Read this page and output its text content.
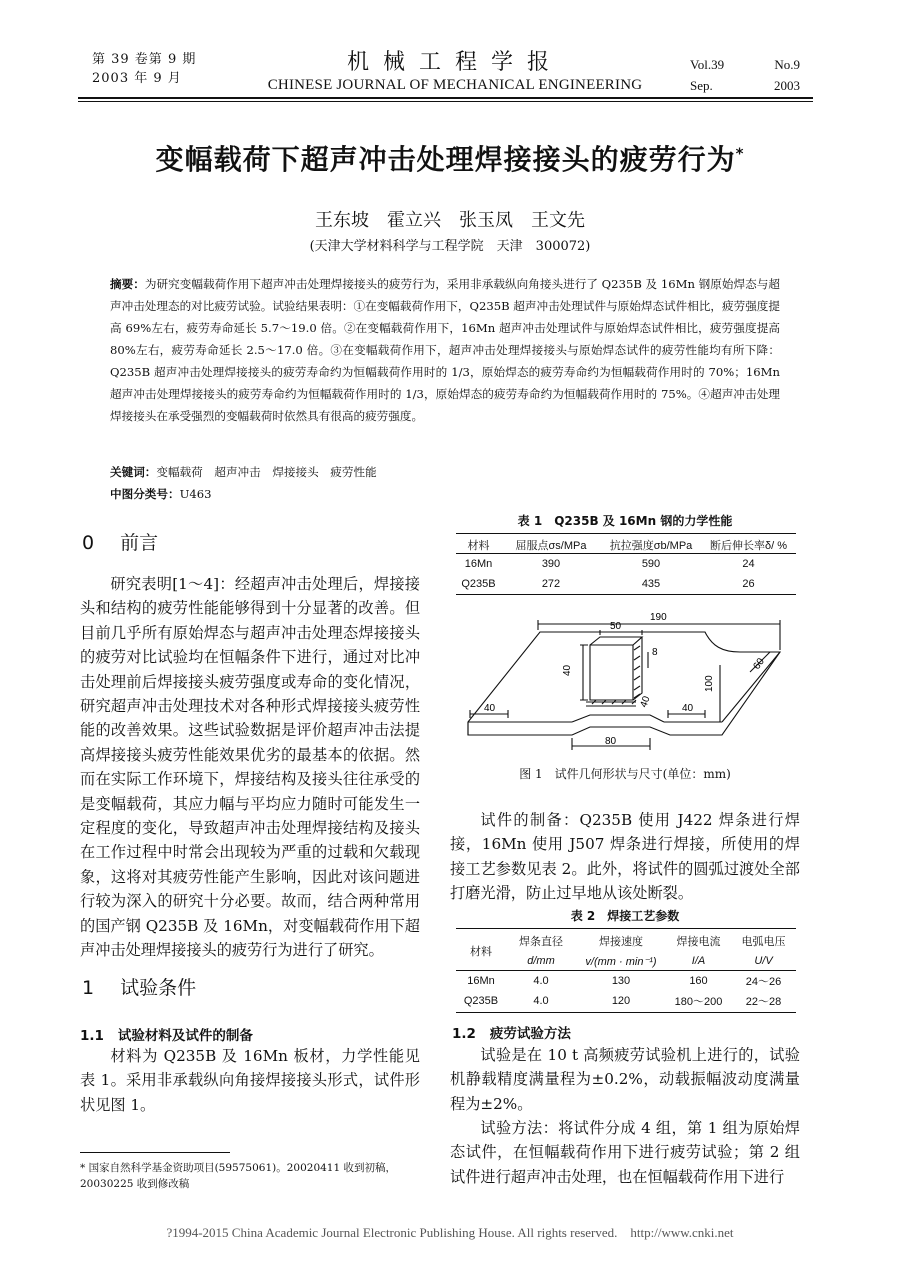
第 39 卷第 9 期
2003 年 9 月
机械工程学报
CHINESE JOURNAL OF MECHANICAL ENGINEERING
Vol.39	No.9
Sep.	2003
变幅载荷下超声冲击处理焊接接头的疲劳行为*
王东坡　霍立兴　张玉凤　王文先
(天津大学材料科学与工程学院　天津　300072)
摘要：为研究变幅载荷作用下超声冲击处理焊接接头的疲劳行为，采用非承载纵向角接头进行了 Q235B 及 16Mn 钢原始焊态与超声冲击处理态的对比疲劳试验。试验结果表明：①在变幅载荷作用下，Q235B 超声冲击处理试件与原始焊态试件相比，疲劳强度提高 69%左右，疲劳寿命延长 5.7～19.0 倍。②在变幅载荷作用下，16Mn 超声冲击处理试件与原始焊态试件相比，疲劳强度提高 80%左右，疲劳寿命延长 2.5～17.0 倍。③在变幅载荷作用下，超声冲击处理焊接接头与原始焊态试件的疲劳性能均有所下降：Q235B 超声冲击处理焊接接头的疲劳寿命约为恒幅载荷作用时的 1/3，原始焊态的疲劳寿命约为恒幅载荷作用时的 70%；16Mn 超声冲击处理焊接接头的疲劳寿命约为恒幅载荷作用时的 1/3，原始焊态的疲劳寿命约为恒幅载荷作用时的 75%。④超声冲击处理焊接接头在承受强烈的变幅载荷时依然具有很高的疲劳强度。
关键词：变幅载荷　超声冲击　焊接接头　疲劳性能
中图分类号：U463
0 前言
研究表明[1～4]：经超声冲击处理后，焊接接头和结构的疲劳性能能够得到十分显著的改善。但目前几乎所有原始焊态与超声冲击处理态焊接接头的疲劳对比试验均在恒幅条件下进行，通过对比冲击处理前后焊接接头疲劳强度或寿命的变化情况，研究超声冲击处理技术对各种形式焊接接头疲劳性能的改善效果。这些试验数据是评价超声冲击法提高焊接接头疲劳性能效果优劣的最基本的依据。然而在实际工作环境下，焊接结构及接头往往承受的是变幅载荷，其应力幅与平均应力随时可能发生一定程度的变化，导致超声冲击处理焊接结构及接头在工作过程中时常会出现较为严重的过载和欠载现象，这将对其疲劳性能产生影响，因此对该问题进行较为深入的研究十分必要。故而，结合两种常用的国产钢 Q235B 及 16Mn，对变幅载荷作用下超声冲击处理焊接接头的疲劳行为进行了研究。
1 试验条件
1.1 试验材料及试件的制备
材料为 Q235B 及 16Mn 板材，力学性能见表 1。采用非承载纵向角接焊接接头形式，试件形状见图 1。
* 国家自然科学基金资助项目(59575061)。20020411 收到初稿，20030225 收到修改稿
表 1　Q235B 及 16Mn 钢的力学性能
材料	屈服点σs/MPa	抗拉强度σb/MPa	断后伸长率δ/ %
16Mn	390	590	24
Q235B	272	435	26
190
50
8
40
40
100
60
40	40
80
图 1　试件几何形状与尺寸(单位：mm)
试件的制备：Q235B 使用 J422 焊条进行焊接，16Mn 使用 J507 焊条进行焊接，所使用的焊接工艺参数见表 2。此外，将试件的圆弧过渡处全部打磨光滑，防止过早地从该处断裂。
表 2　焊接工艺参数
材料	焊条直径	焊接速度	焊接电流	电弧电压
	d/mm	v/(mm · min⁻¹)	I/A	U/V
16Mn	4.0	130	160	24～26
Q235B	4.0	120	180～200	22～28
1.2 疲劳试验方法
试验是在 10 t 高频疲劳试验机上进行的，试验机静载精度满量程为±0.2%，动载振幅波动度满量程为±2%。
试验方法：将试件分成 4 组，第 1 组为原始焊态试件，在恒幅载荷作用下进行疲劳试验；第 2 组试件进行超声冲击处理，也在恒幅载荷作用下进行
?1994-2015 China Academic Journal Electronic Publishing House. All rights reserved.　http://www.cnki.net
